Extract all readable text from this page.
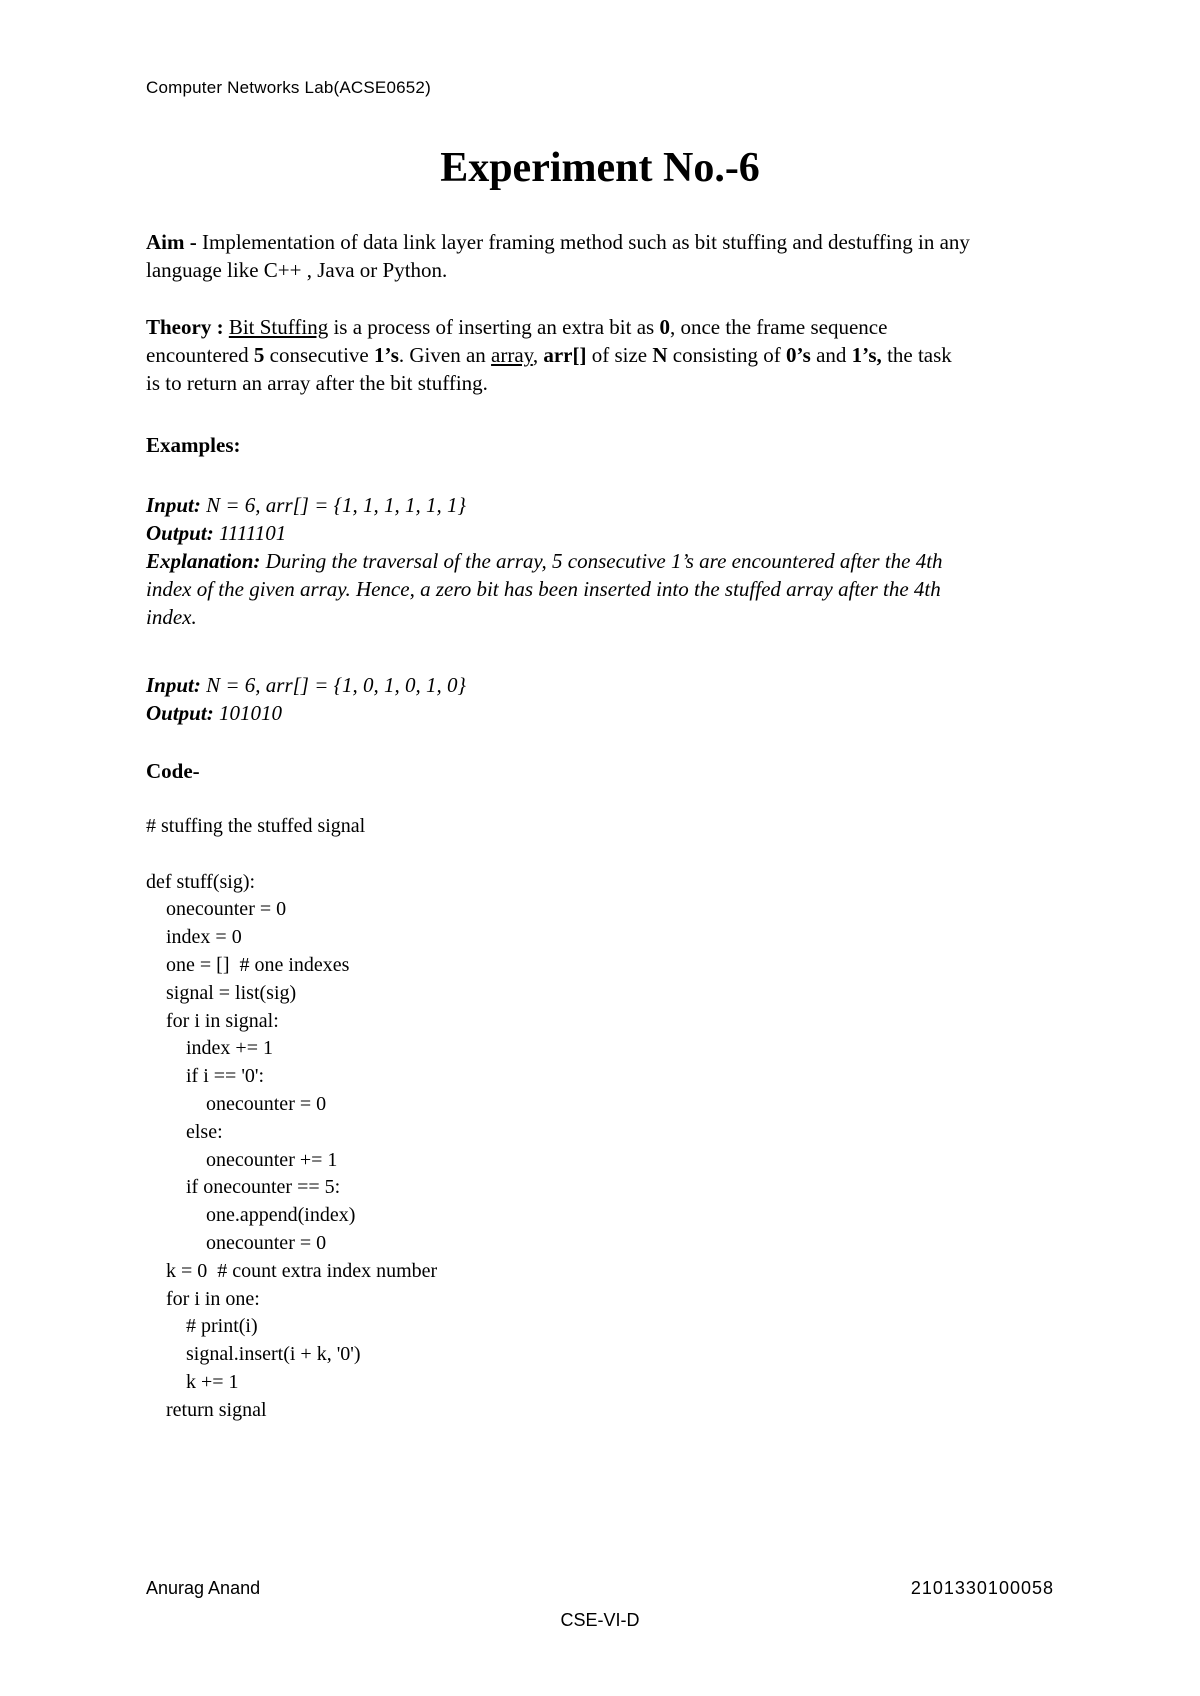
Computer Networks Lab(ACSE0652)
Experiment No.-6
Aim - Implementation of data link layer framing method such as bit stuffing and destuffing in any
language like C++ , Java or Python.
Theory : Bit Stuffing is a process of inserting an extra bit as 0, once the frame sequence
encountered 5 consecutive 1’s. Given an array, arr[] of size N consisting of 0’s and 1’s, the task
is to return an array after the bit stuffing.
Examples:
Input: N = 6, arr[] = {1, 1, 1, 1, 1, 1}
Output: 1111101
Explanation: During the traversal of the array, 5 consecutive 1’s are encountered after the 4th
index of the given array. Hence, a zero bit has been inserted into the stuffed array after the 4th
index.
Input: N = 6, arr[] = {1, 0, 1, 0, 1, 0}
Output: 101010
Code-
# stuffing the stuffed signal
def stuff(sig):
onecounter = 0
index = 0
one = []  # one indexes
signal = list(sig)
for i in signal:
index += 1
if i == '0':
onecounter = 0
else:
onecounter += 1
if onecounter == 5:
one.append(index)
onecounter = 0
k = 0  # count extra index number
for i in one:
# print(i)
signal.insert(i + k, '0')
k += 1
return signal
Anurag Anand	2101330100058
CSE-VI-D
